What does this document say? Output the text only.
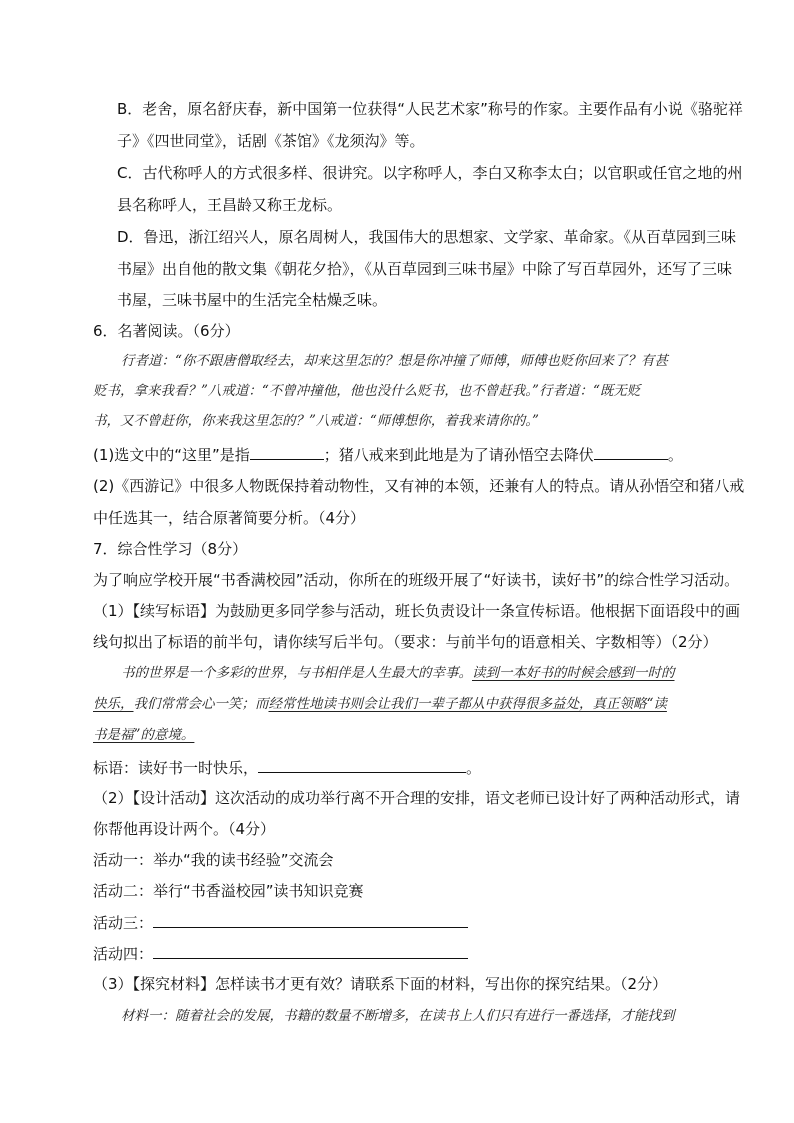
B．老舍，原名舒庆春，新中国第一位获得“人民艺术家”称号的作家。主要作品有小说《骆驼祥
子》《四世同堂》，话剧《茶馆》《龙须沟》等。
C．古代称呼人的方式很多样、很讲究。以字称呼人，李白又称李太白；以官职或任官之地的州
县名称呼人，王昌龄又称王龙标。
D．鲁迅，浙江绍兴人，原名周树人，我国伟大的思想家、文学家、革命家。《从百草园到三味
书屋》出自他的散文集《朝花夕拾》，《从百草园到三味书屋》中除了写百草园外，还写了三味
书屋，三味书屋中的生活完全枯燥乏味。
6．名著阅读。（6分）
行者道：“你不跟唐僧取经去，却来这里怎的？想是你冲撞了师傅，师傅也贬你回来了？有甚
贬书，拿来我看？”八戒道：“不曾冲撞他，他也没什么贬书，也不曾赶我。”行者道：“既无贬
书，又不曾赶你，你来我这里怎的？”八戒道：“师傅想你，着我来请你的。”
(1)选文中的“这里”是指	；猪八戒来到此地是为了请孙悟空去降伏	。
(2)《西游记》中很多人物既保持着动物性，又有神的本领，还兼有人的特点。请从孙悟空和猪八戒
中任选其一，结合原著简要分析。（4分）
7．综合性学习（8分）
为了响应学校开展“书香满校园”活动，你所在的班级开展了“好读书，读好书”的综合性学习活动。
（1）【续写标语】为鼓励更多同学参与活动，班长负责设计一条宣传标语。他根据下面语段中的画
线句拟出了标语的前半句，请你续写后半句。（要求：与前半句的语意相关、字数相等）（2分）
书的世界是一个多彩的世界，与书相伴是人生最大的幸事。读到一本好书的时候会感到一时的
快乐，我们常常会心一笑；而经常性地读书则会让我们一辈子都从中获得很多益处，真正领略“读
书是福”的意境。
标语：读好书一时快乐，	。
（2）【设计活动】这次活动的成功举行离不开合理的安排，语文老师已设计好了两种活动形式，请
你帮他再设计两个。（4分）
活动一：举办“我的读书经验”交流会
活动二：举行“书香溢校园”读书知识竞赛
活动三：
活动四：
（3）【探究材料】怎样读书才更有效？请联系下面的材料，写出你的探究结果。（2分）
材料一：随着社会的发展，书籍的数量不断增多，在读书上人们只有进行一番选择，才能找到
